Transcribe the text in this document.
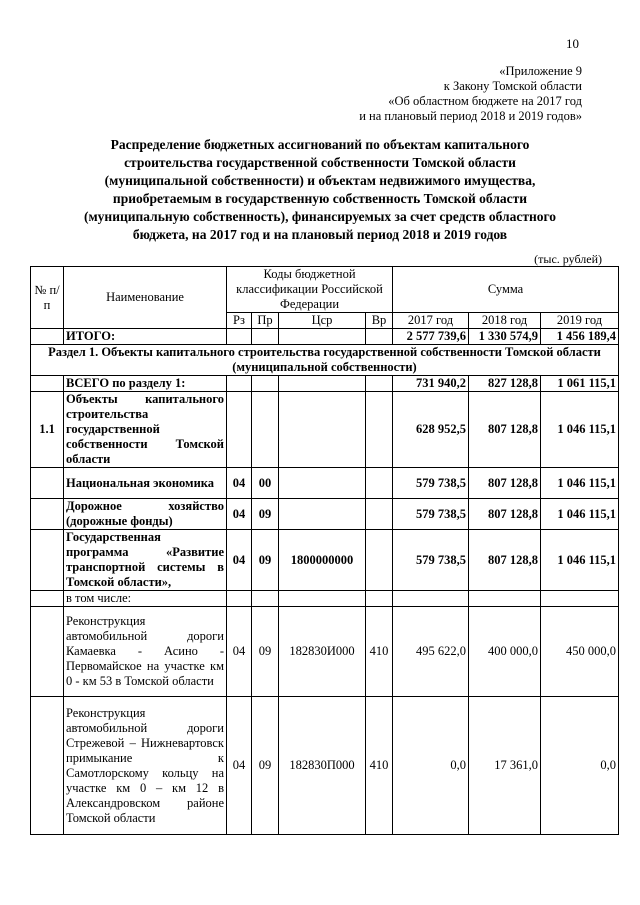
10
«Приложение 9
к Закону Томской области
«Об областном бюджете на 2017 год
и на плановый период 2018 и 2019 годов»
Распределение бюджетных ассигнований по объектам капитального
строительства государственной собственности Томской области
(муниципальной собственности) и объектам недвижимого имущества,
приобретаемым в государственную собственность Томской области
(муниципальную собственность), финансируемых за счет средств областного
бюджета, на 2017 год и на плановый период 2018 и 2019 годов
(тыс. рублей)
№ п/п	Наименование	Коды бюджетной классификации Российской Федерации				Сумма		
		Рз	Пр	Цср	Вр	2017 год	2018 год	2019 год
	ИТОГО:					2 577 739,6	1 330 574,9	1 456 189,4
Раздел 1. Объекты капитального строительства государственной собственности Томской области (муниципальной собственности)								
	ВСЕГО по разделу 1:					731 940,2	827 128,8	1 061 115,1
1.1	Объекты капитального строительства государственной собственности Томской области					628 952,5	807 128,8	1 046 115,1
	Национальная экономика	04	00			579 738,5	807 128,8	1 046 115,1
	Дорожное хозяйство (дорожные фонды)	04	09			579 738,5	807 128,8	1 046 115,1
	Государственная программа «Развитие транспортной системы в Томской области»,	04	09	1800000000		579 738,5	807 128,8	1 046 115,1
	в том числе:							
	Реконструкция автомобильной дороги Камаевка - Асино - Первомайское на участке км 0 - км 53 в Томской области	04	09	182830И000	410	495 622,0	400 000,0	450 000,0
	Реконструкция автомобильной дороги Стрежевой – Нижневартовск примыкание к Самотлорскому кольцу на участке км 0 – км 12 в Александровском районе Томской области	04	09	182830П000	410	0,0	17 361,0	0,0
